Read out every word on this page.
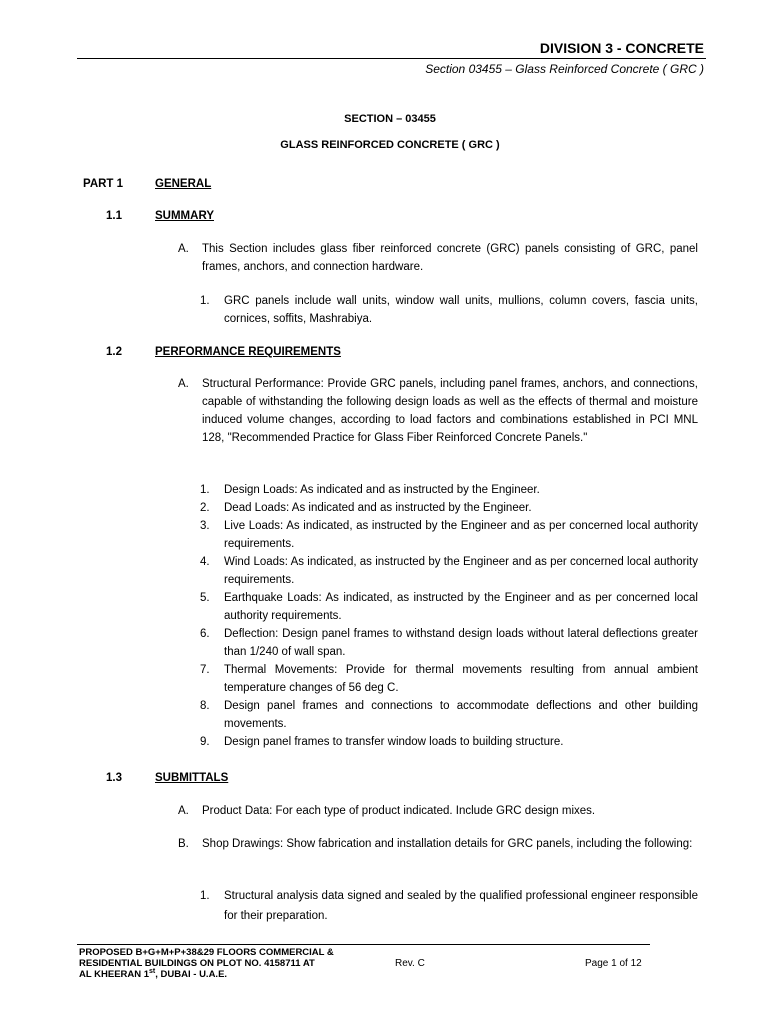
DIVISION 3 - CONCRETE
Section 03455 – Glass Reinforced Concrete ( GRC )
SECTION – 03455
GLASS REINFORCED CONCRETE ( GRC )
PART 1	GENERAL
1.1	SUMMARY
A. This Section includes glass fiber reinforced concrete (GRC) panels consisting of GRC, panel frames, anchors, and connection hardware.
1. GRC panels include wall units, window wall units, mullions, column covers, fascia units, cornices, soffits, Mashrabiya.
1.2	PERFORMANCE REQUIREMENTS
A. Structural Performance: Provide GRC panels, including panel frames, anchors, and connections, capable of withstanding the following design loads as well as the effects of thermal and moisture induced volume changes, according to load factors and combinations established in PCI MNL 128, "Recommended Practice for Glass Fiber Reinforced Concrete Panels."
1. Design Loads: As indicated and as instructed by the Engineer.
2. Dead Loads: As indicated and as instructed by the Engineer.
3. Live Loads: As indicated, as instructed by the Engineer and as per concerned local authority requirements.
4. Wind Loads: As indicated, as instructed by the Engineer and as per concerned local authority requirements.
5. Earthquake Loads: As indicated, as instructed by the Engineer and as per concerned local authority requirements.
6. Deflection: Design panel frames to withstand design loads without lateral deflections greater than 1/240 of wall span.
7. Thermal Movements: Provide for thermal movements resulting from annual ambient temperature changes of 56 deg C.
8. Design panel frames and connections to accommodate deflections and other building movements.
9. Design panel frames to transfer window loads to building structure.
1.3	SUBMITTALS
A. Product Data: For each type of product indicated. Include GRC design mixes.
B. Shop Drawings: Show fabrication and installation details for GRC panels, including the following:
1. Structural analysis data signed and sealed by the qualified professional engineer responsible for their preparation.
PROPOSED B+G+M+P+38&29 FLOORS COMMERCIAL &
RESIDENTIAL BUILDINGS ON PLOT NO. 4158711 AT
AL KHEERAN 1st, DUBAI - U.A.E.
Rev. C	Page 1 of 12
